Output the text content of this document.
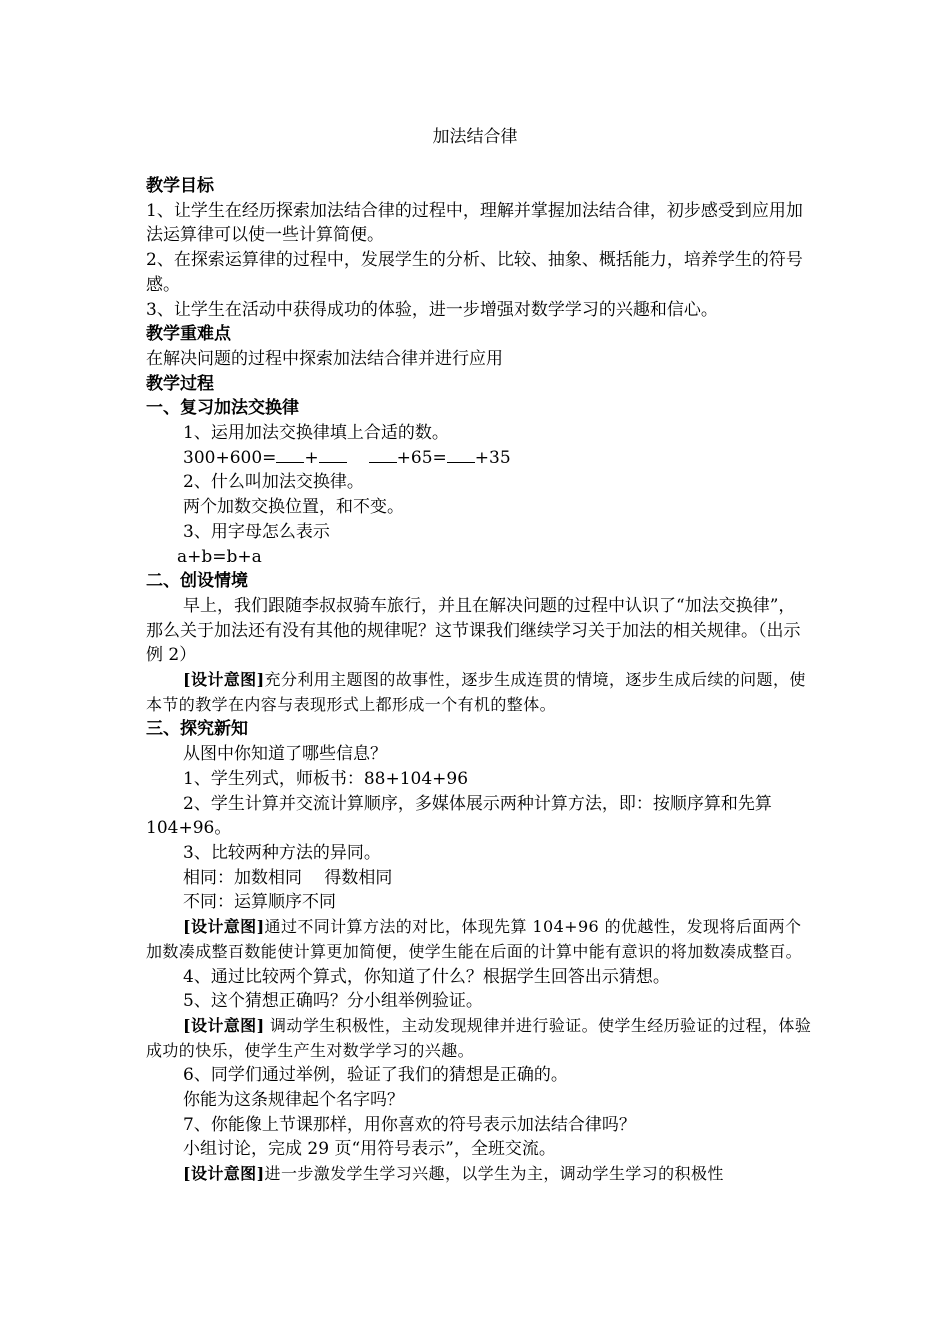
加法结合律

教学目标

1、让学生在经历探索加法结合律的过程中，理解并掌握加法结合律，初步感受到应用加法运算律可以使一些计算简便。

2、在探索运算律的过程中，发展学生的分析、比较、抽象、概括能力，培养学生的符号感。

3、让学生在活动中获得成功的体验，进一步增强对数学学习的兴趣和信心。

教学重难点

在解决问题的过程中探索加法结合律并进行应用

教学过程

一、复习加法交换律

1、运用加法交换律填上合适的数。

300+600= +	+65= +35

2、什么叫加法交换律。

两个加数交换位置，和不变。

3、用字母怎么表示

a+b=b+a

二、创设情境

早上，我们跟随李叔叔骑车旅行，并且在解决问题的过程中认识了“加法交换律”，那么关于加法还有没有其他的规律呢？这节课我们继续学习关于加法的相关规律。（出示例 2）

[设计意图]充分利用主题图的故事性，逐步生成连贯的情境，逐步生成后续的问题，使本节的教学在内容与表现形式上都形成一个有机的整体。

三、探究新知

从图中你知道了哪些信息？

1、学生列式，师板书：88+104+96

2、学生计算并交流计算顺序，多媒体展示两种计算方法，即：按顺序算和先算 104+96。

3、比较两种方法的异同。

相同：加数相同　 得数相同

不同：运算顺序不同

[设计意图]通过不同计算方法的对比，体现先算 104+96 的优越性，发现将后面两个加数凑成整百数能使计算更加简便，使学生能在后面的计算中能有意识的将加数凑成整百。

4、通过比较两个算式，你知道了什么？根据学生回答出示猜想。

5、这个猜想正确吗？分小组举例验证。

[设计意图] 调动学生积极性，主动发现规律并进行验证。使学生经历验证的过程，体验成功的快乐，使学生产生对数学学习的兴趣。

6、同学们通过举例，验证了我们的猜想是正确的。

你能为这条规律起个名字吗？

7、你能像上节课那样，用你喜欢的符号表示加法结合律吗？

小组讨论，完成 29 页“用符号表示”，全班交流。

[设计意图]进一步激发学生学习兴趣，以学生为主，调动学生学习的积极性
